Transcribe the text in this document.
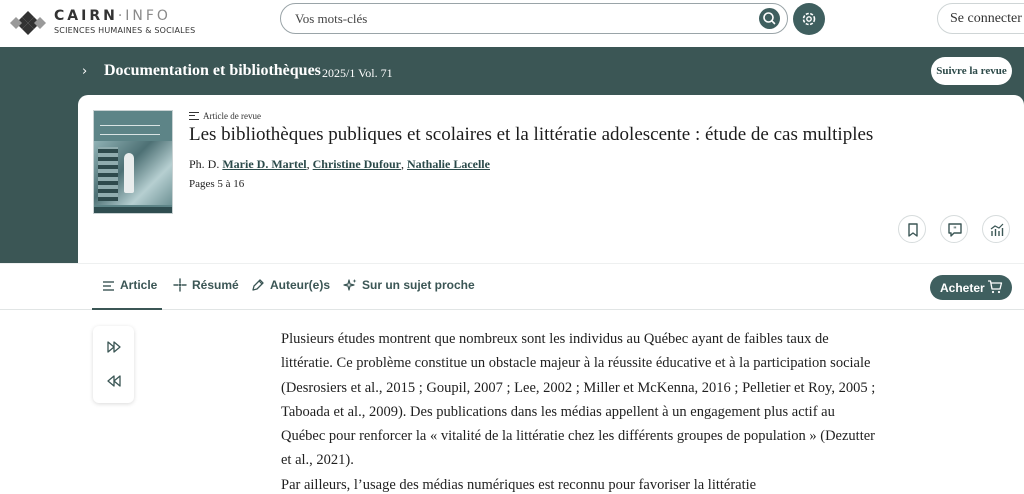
CAIRN·INFO
SCIENCES HUMAINES & SOCIALES
Vos mots-clés
Se connecter
› Documentation et bibliothèques 2025/1 Vol. 71	Suivre la revue
Article de revue
Les bibliothèques publiques et scolaires et la littératie adolescente : étude de cas multiples
Ph. D. Marie D. Martel, Christine Dufour, Nathalie Lacelle
Pages 5 à 16
"
Article	Résumé	Auteur(e)s	Sur un sujet proche	Acheter

Plusieurs études montrent que nombreux sont les individus au Québec ayant de faibles taux de littératie. Ce problème constitue un obstacle majeur à la réussite éducative et à la participation sociale (Desrosiers et al., 2015 ; Goupil, 2007 ; Lee, 2002 ; Miller et McKenna, 2016 ; Pelletier et Roy, 2005 ; Taboada et al., 2009). Des publications dans les médias appellent à un engagement plus actif au Québec pour renforcer la « vitalité de la littératie chez les différents groupes de population » (Dezutter et al., 2021).

Par ailleurs, l’usage des médias numériques est reconnu pour favoriser la littératie
